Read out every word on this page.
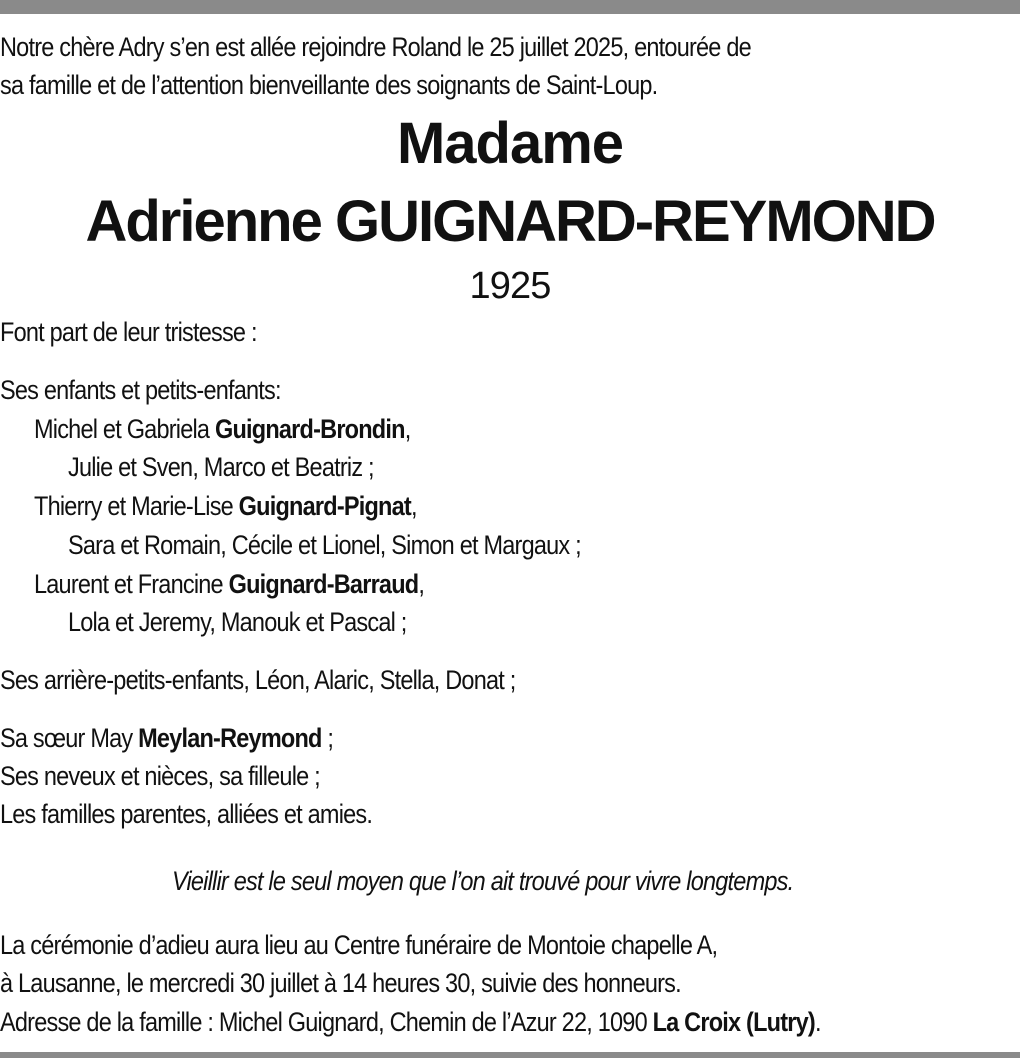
Notre chère Adry s’en est allée rejoindre Roland le 25 juillet 2025, entourée de

sa famille et de l’attention bienveillante des soignants de Saint-Loup.

Madame

Adrienne GUIGNARD-REYMOND

1925

Font part de leur tristesse :

Ses enfants et petits-enfants:

Michel et Gabriela Guignard-Brondin,

Julie et Sven, Marco et Beatriz ;

Thierry et Marie-Lise Guignard-Pignat,

Sara et Romain, Cécile et Lionel, Simon et Margaux ;

Laurent et Francine Guignard-Barraud,

Lola et Jeremy, Manouk et Pascal ;

Ses arrière-petits-enfants, Léon, Alaric, Stella, Donat ;

Sa sœur May Meylan-Reymond ;

Ses neveux et nièces, sa filleule ;

Les familles parentes, alliées et amies.

Vieillir est le seul moyen que l’on ait trouvé pour vivre longtemps.

La cérémonie d’adieu aura lieu au Centre funéraire de Montoie chapelle A,

à Lausanne, le mercredi 30 juillet à 14 heures 30, suivie des honneurs.

Adresse de la famille : Michel Guignard, Chemin de l’Azur 22, 1090 La Croix (Lutry).
